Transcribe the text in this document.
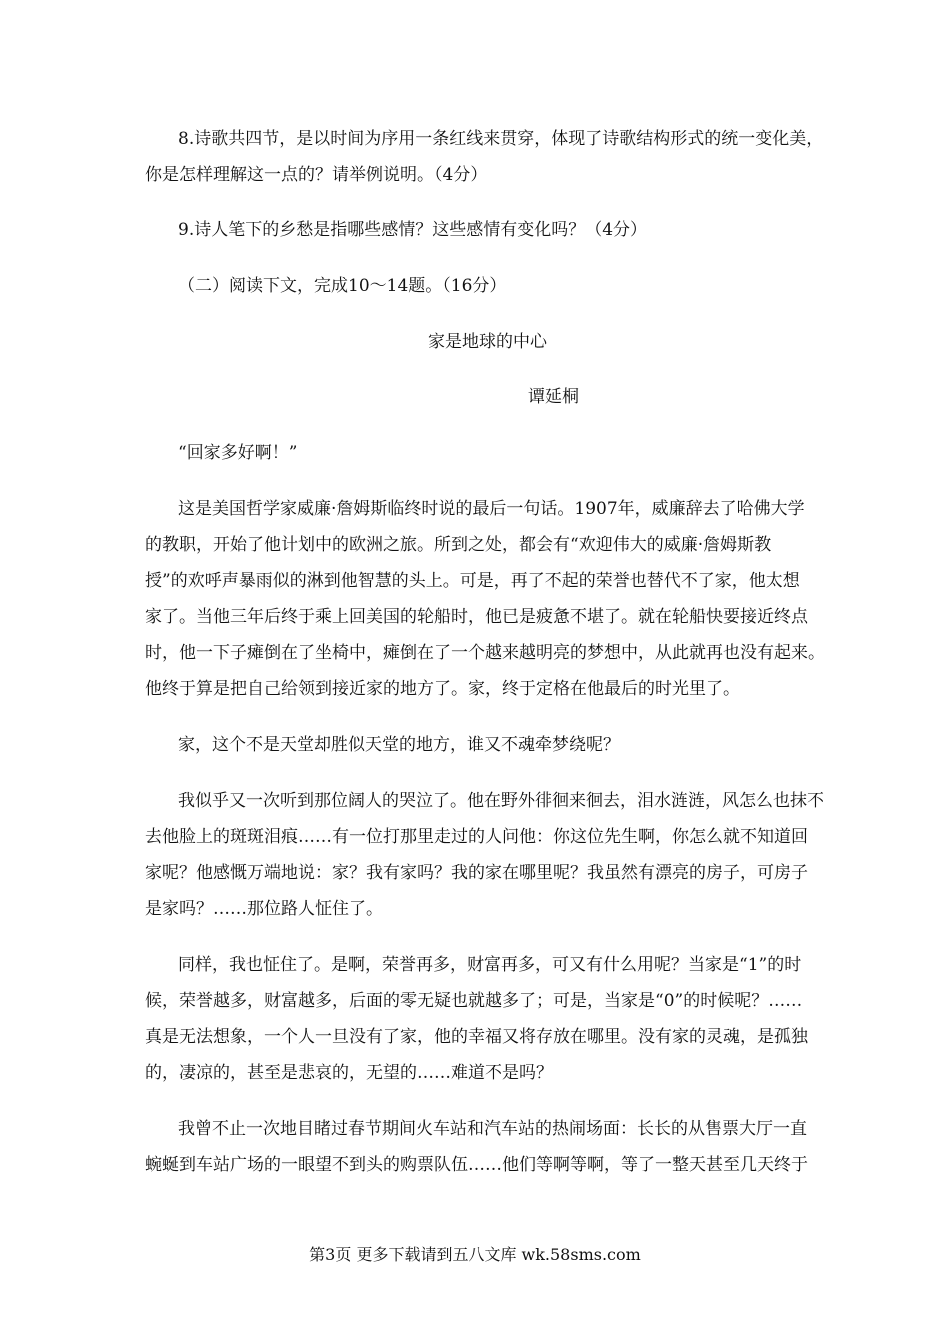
8.诗歌共四节，是以时间为序用一条红线来贯穿，体现了诗歌结构形式的统一变化美，
你是怎样理解这一点的？请举例说明。（4分）
9.诗人笔下的乡愁是指哪些感情？这些感情有变化吗？（4分）
（二）阅读下文，完成10～14题。（16分）
家是地球的中心
谭延桐
“回家多好啊！”
这是美国哲学家威廉·詹姆斯临终时说的最后一句话。1907年，威廉辞去了哈佛大学
的教职，开始了他计划中的欧洲之旅。所到之处，都会有“欢迎伟大的威廉·詹姆斯教
授”的欢呼声暴雨似的淋到他智慧的头上。可是，再了不起的荣誉也替代不了家，他太想
家了。当他三年后终于乘上回美国的轮船时，他已是疲惫不堪了。就在轮船快要接近终点
时，他一下子瘫倒在了坐椅中，瘫倒在了一个越来越明亮的梦想中，从此就再也没有起来。
他终于算是把自己给领到接近家的地方了。家，终于定格在他最后的时光里了。
家，这个不是天堂却胜似天堂的地方，谁又不魂牵梦绕呢？
我似乎又一次听到那位阔人的哭泣了。他在野外徘徊来徊去，泪水涟涟，风怎么也抹不
去他脸上的斑斑泪痕……有一位打那里走过的人问他：你这位先生啊，你怎么就不知道回
家呢？他感慨万端地说：家？我有家吗？我的家在哪里呢？我虽然有漂亮的房子，可房子
是家吗？……那位路人怔住了。
同样，我也怔住了。是啊，荣誉再多，财富再多，可又有什么用呢？当家是“1”的时
候，荣誉越多，财富越多，后面的零无疑也就越多了；可是，当家是“0”的时候呢？……
真是无法想象，一个人一旦没有了家，他的幸福又将存放在哪里。没有家的灵魂，是孤独
的，凄凉的，甚至是悲哀的，无望的……难道不是吗？
我曾不止一次地目睹过春节期间火车站和汽车站的热闹场面：长长的从售票大厅一直
蜿蜒到车站广场的一眼望不到头的购票队伍……他们等啊等啊，等了一整天甚至几天终于
第3页 更多下载请到五八文库 wk.58sms.com
